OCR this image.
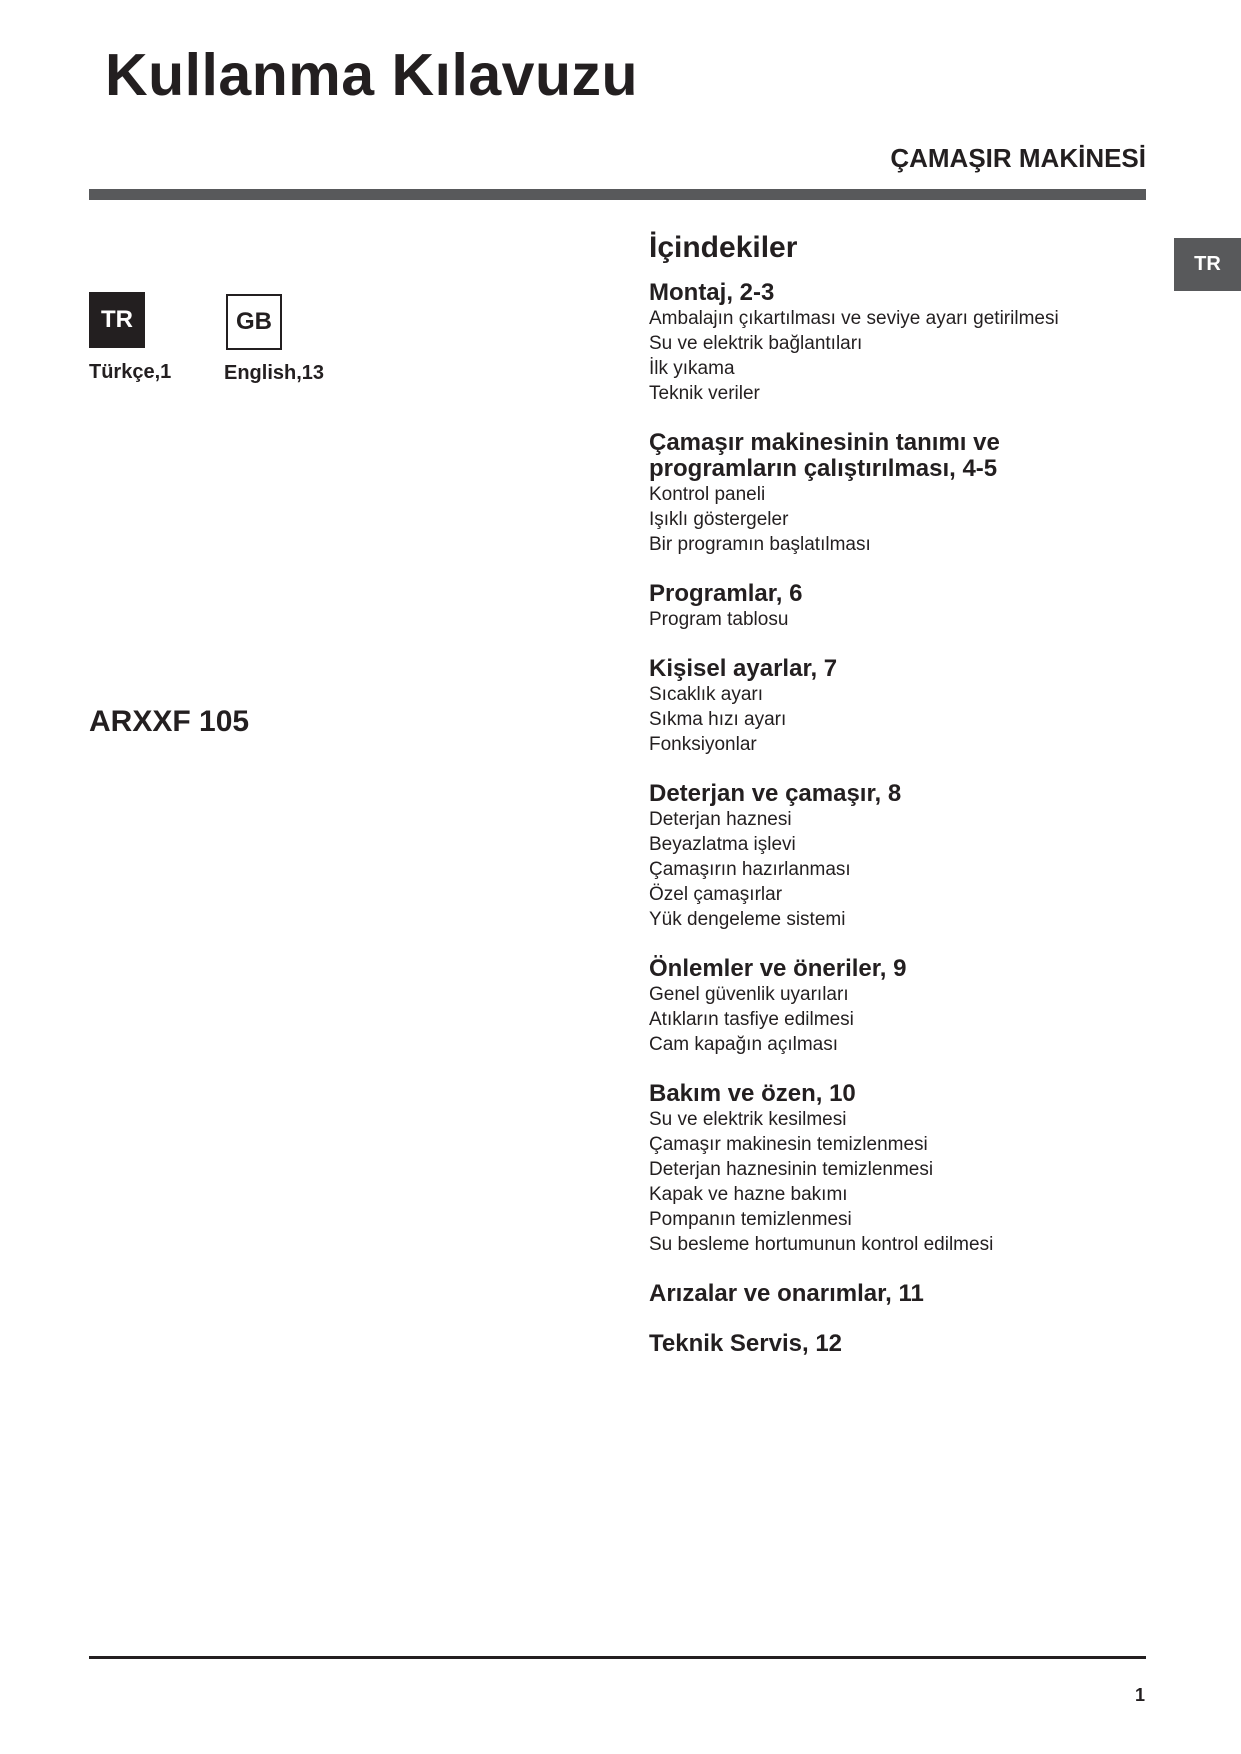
Kullanma Kılavuzu
ÇAMAŞIR MAKİNESİ
TR
TR	GB
Türkçe,1	English,13
ARXXF 105
İçindekiler
Montaj, 2-3
Ambalajın çıkartılması ve seviye ayarı getirilmesi
Su ve elektrik bağlantıları
İlk yıkama
Teknik veriler
Çamaşır makinesinin tanımı ve programların çalıştırılması, 4-5
Kontrol paneli
Işıklı göstergeler
Bir programın başlatılması
Programlar, 6
Program tablosu
Kişisel ayarlar, 7
Sıcaklık ayarı
Sıkma hızı ayarı
Fonksiyonlar
Deterjan ve çamaşır, 8
Deterjan haznesi
Beyazlatma işlevi
Çamaşırın hazırlanması
Özel çamaşırlar
Yük dengeleme sistemi
Önlemler ve öneriler, 9
Genel güvenlik uyarıları
Atıkların tasfiye edilmesi
Cam kapağın açılması
Bakım ve özen, 10
Su ve elektrik kesilmesi
Çamaşır makinesin temizlenmesi
Deterjan haznesinin temizlenmesi
Kapak ve hazne bakımı
Pompanın temizlenmesi
Su besleme hortumunun kontrol edilmesi
Arızalar ve onarımlar, 11
Teknik Servis, 12
1
